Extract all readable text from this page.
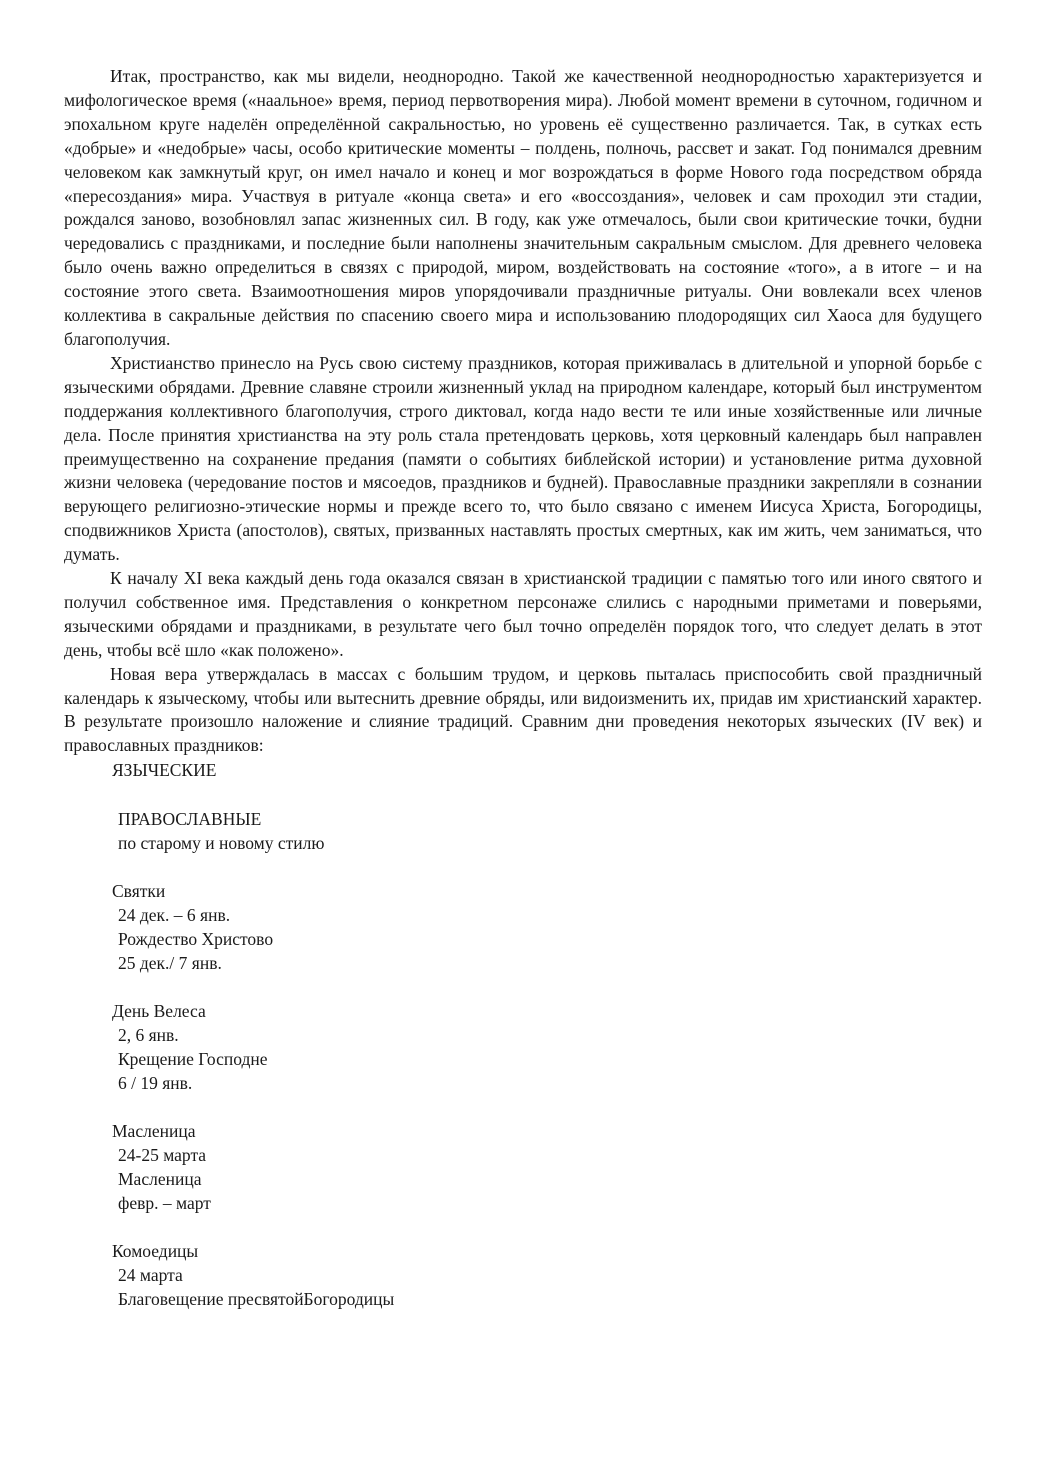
Итак, пространство, как мы видели, неоднородно. Такой же качественной неоднородностью характеризуется и мифологическое время («наальное» время, период первотворения мира). Любой момент времени в суточном, годичном и эпохальном круге наделён определённой сакральностью, но уровень её существенно различается. Так, в сутках есть «добрые» и «недобрые» часы, особо критические моменты – полдень, полночь, рассвет и закат. Год понимался древним человеком как замкнутый круг, он имел начало и конец и мог возрождаться в форме Нового года посредством обряда «пересоздания» мира. Участвуя в ритуале «конца света» и его «воссоздания», человек и сам проходил эти стадии, рождался заново, возобновлял запас жизненных сил. В году, как уже отмечалось, были свои критические точки, будни чередовались с праздниками, и последние были наполнены значительным сакральным смыслом. Для древнего человека было очень важно определиться в связях с природой, миром, воздействовать на состояние «того», а в итоге – и на состояние этого света. Взаимоотношения миров упорядочивали праздничные ритуалы. Они вовлекали всех членов коллектива в сакральные действия по спасению своего мира и использованию плодородящих сил Хаоса для будущего благополучия.

Христианство принесло на Русь свою систему праздников, которая приживалась в длительной и упорной борьбе с языческими обрядами. Древние славяне строили жизненный уклад на природном календаре, который был инструментом поддержания коллективного благополучия, строго диктовал, когда надо вести те или иные хозяйственные или личные дела. После принятия христианства на эту роль стала претендовать церковь, хотя церковный календарь был направлен преимущественно на сохранение предания (памяти о событиях библейской истории) и установление ритма духовной жизни человека (чередование постов и мясоедов, праздников и будней). Православные праздники закрепляли в сознании верующего религиозно-этические нормы и прежде всего то, что было связано с именем Иисуса Христа, Богородицы, сподвижников Христа (апостолов), святых, призванных наставлять простых смертных, как им жить, чем заниматься, что думать.

К началу XI века каждый день года оказался связан в христианской традиции с памятью того или иного святого и получил собственное имя. Представления о конкретном персонаже слились с народными приметами и поверьями, языческими обрядами и праздниками, в результате чего был точно определён порядок того, что следует делать в этот день, чтобы всё шло «как положено».

Новая вера утверждалась в массах с большим трудом, и церковь пыталась приспособить свой праздничный календарь к языческому, чтобы или вытеснить древние обряды, или видоизменить их, придав им христианский характер. В результате произошло наложение и слияние традиций. Сравним дни проведения некоторых языческих (IV век) и православных праздников:

ЯЗЫЧЕСКИЕ
ПРАВОСЛАВНЫЕ
по старому и новому стилю
Святки
24 дек. – 6 янв.
Рождество Христово
25 дек./ 7 янв.
День Велеса
2, 6 янв.
Крещение Господне
6 / 19 янв.
Масленица
24-25 марта
Масленица
февр. – март
Комоедицы
24 марта
Благовещение пресвятойБогородицы
